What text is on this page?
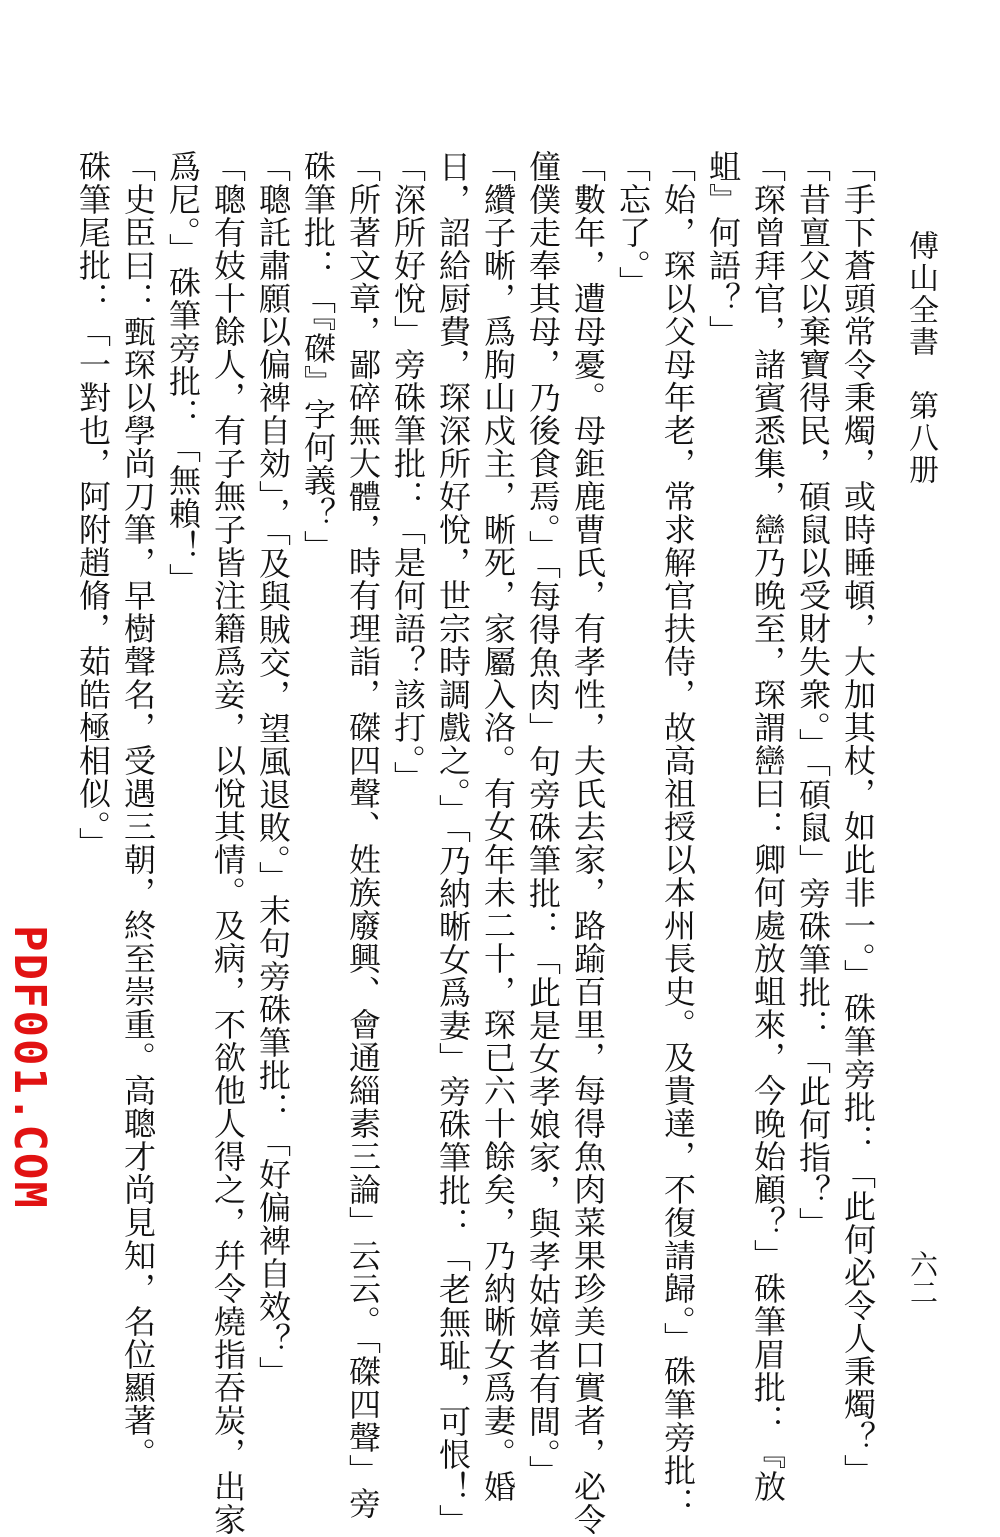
傅山全書　第八册
六二
「手下蒼頭常令秉燭，或時睡頓，大加其杖，如此非一。」硃筆旁批：「此何必令人秉燭？」
「昔亶父以棄寶得民，碩鼠以受財失衆。」「碩鼠」旁硃筆批：「此何指？」
「琛曾拜官，諸賓悉集，巒乃晚至，琛謂巒曰：卿何處放蛆來，今晚始顧？」硃筆眉批：『放
蛆』何語？」
「始，琛以父母年老，常求解官扶侍，故高祖授以本州長史。及貴達，不復請歸。」硃筆旁批：
「忘了。」
「數年，遭母憂。母鉅鹿曹氏，有孝性，夫氏去家，路踰百里，每得魚肉菜果珍美口實者，必令
僮僕走奉其母，乃後食焉。」「每得魚肉」句旁硃筆批：「此是女孝娘家，與孝姑嫜者有間。」
「纘子晰，爲朐山戍主，晰死，家屬入洛。有女年未二十，琛已六十餘矣，乃納晰女爲妻。婚
日，詔給厨費，琛深所好悅，世宗時調戲之。」「乃納晰女爲妻」旁硃筆批：「老無耻，可恨！」
「深所好悅」旁硃筆批：「是何語？該打。」
「所著文章，鄙碎無大體，時有理詣，磔四聲、姓族廢興、會通緇素三論」云云。「磔四聲」旁
硃筆批：「『磔』字何義？」
「聰託肅願以偏裨自効」，「及與賊交，望風退敗。」末句旁硃筆批：「好偏裨自效？」
「聰有妓十餘人，有子無子皆注籍爲妾，以悅其情。及病，不欲他人得之，幷令燒指吞炭，出家
爲尼。」硃筆旁批：「無賴！」
「史臣曰：甄琛以學尚刀筆，早樹聲名，受遇三朝，終至崇重。高聰才尚見知，名位顯著。
硃筆尾批：「一對也，阿附趙脩，茹皓極相似。」
PDF001.COM
